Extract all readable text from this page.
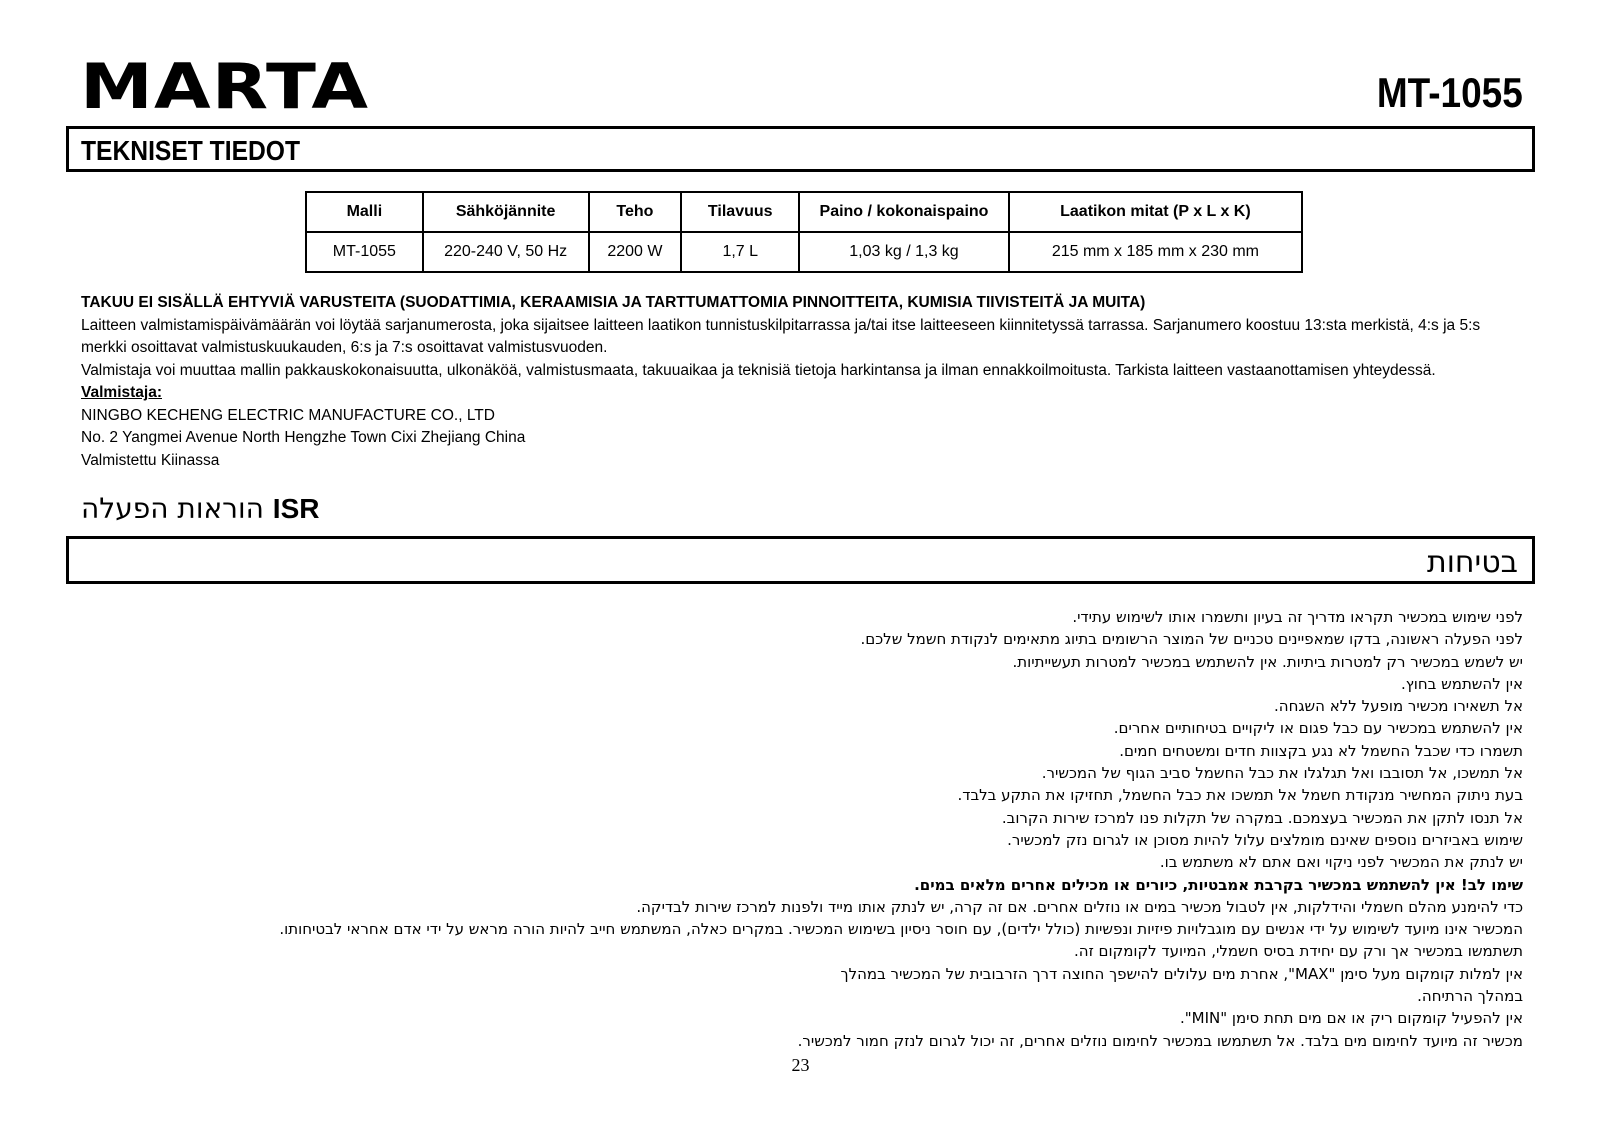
MARTA	MT-1055
TEKNISET TIEDOT
Malli	Sähköjännite	Teho	Tilavuus	Paino / kokonaispaino	Laatikon mitat (P x L x K)
MT-1055	220-240 V, 50 Hz	2200 W	1,7 L	1,03 kg / 1,3 kg	215 mm x 185 mm x 230 mm

TAKUU EI SISÄLLÄ EHTYVIÄ VARUSTEITA (SUODATTIMIA, KERAAMISIA JA TARTTUMATTOMIA PINNOITTEITA, KUMISIA TIIVISTEITÄ JA MUITA)

Laitteen valmistamispäivämäärän voi löytää sarjanumerosta, joka sijaitsee laitteen laatikon tunnistuskilpitarrassa ja/tai itse laitteeseen kiinnitetyssä tarrassa. Sarjanumero koostuu 13:sta merkistä, 4:s ja 5:s

merkki osoittavat valmistuskuukauden, 6:s ja 7:s osoittavat valmistusvuoden.

Valmistaja voi muuttaa mallin pakkauskokonaisuutta, ulkonäköä, valmistusmaata, takuuaikaa ja teknisiä tietoja harkintansa ja ilman ennakkoilmoitusta. Tarkista laitteen vastaanottamisen yhteydessä.

Valmistaja:

NINGBO KECHENG ELECTRIC MANUFACTURE CO., LTD

No. 2 Yangmei Avenue North Hengzhe Town Cixi Zhejiang China

Valmistettu Kiinassa

הוראות הפעלה ISR
בטיחות

לפני שימוש במכשיר תקראו מדריך זה בעיון ותשמרו אותו לשימוש עתידי.

לפני הפעלה ראשונה, בדקו שמאפיינים טכניים של המוצר הרשומים בתיוג מתאימים לנקודת חשמל שלכם.

יש לשמש במכשיר רק למטרות ביתיות. אין להשתמש במכשיר למטרות תעשייתיות.

אין להשתמש בחוץ.

אל תשאירו מכשיר מופעל ללא השגחה.

אין להשתמש במכשיר עם כבל פגום או ליקויים בטיחותיים אחרים.

תשמרו כדי שכבל החשמל לא נגע בקצוות חדים ומשטחים חמים.

אל תמשכו, אל תסובבו ואל תגלגלו את כבל החשמל סביב הגוף של המכשיר.

בעת ניתוק המחשיר מנקודת חשמל אל תמשכו את כבל החשמל, תחזיקו את התקע בלבד.

אל תנסו לתקן את המכשיר בעצמכם. במקרה של תקלות פנו למרכז שירות הקרוב.

שימוש באביזרים נוספים שאינם מומלצים עלול להיות מסוכן או לגרום נזק למכשיר.

יש לנתק את המכשיר לפני ניקוי ואם אתם לא משתמש בו.

שימו לב! אין להשתמש במכשיר בקרבת אמבטיות, כיורים או מכילים אחרים מלאים במים.

כדי להימנע מהלם חשמלי והידלקות, אין לטבול מכשיר במים או נוזלים אחרים. אם זה קרה, יש לנתק אותו מייד ולפנות למרכז שירות לבדיקה.

המכשיר אינו מיועד לשימוש על ידי אנשים עם מוגבלויות פיזיות ונפשיות (כולל ילדים), עם חוסר ניסיון בשימוש המכשיר. במקרים כאלה, המשתמש חייב להיות הורה מראש על ידי אדם אחראי לבטיחותו.

תשתמשו במכשיר אך ורק עם יחידת בסיס חשמלי, המיועד לקומקום זה.

אין למלות קומקום מעל סימן "MAX", אחרת מים עלולים להישפך החוצה דרך הזרבובית של המכשיר במהלך

במהלך הרתיחה.

אין להפעיל קומקום ריק או אם מים תחת סימן "MIN".

מכשיר זה מיועד לחימום מים בלבד. אל תשתמשו במכשיר לחימום נוזלים אחרים, זה יכול לגרום לנזק חמור למכשיר.

23
